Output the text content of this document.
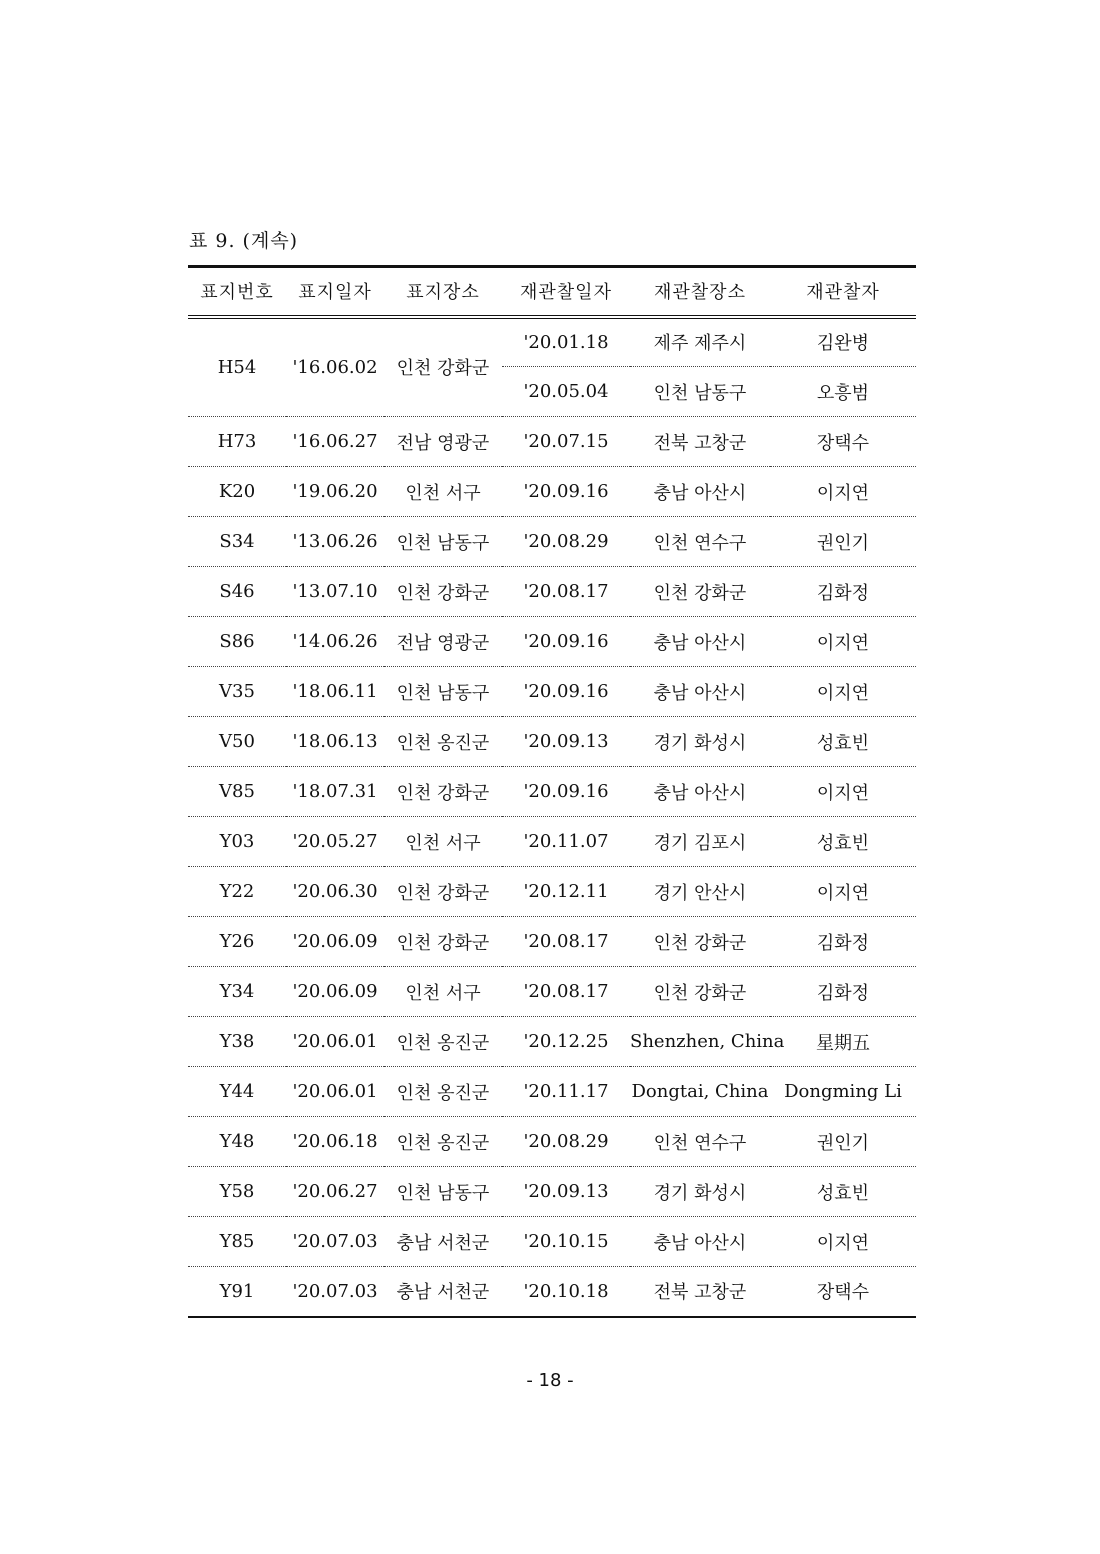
표 9. (계속)
표지번호	표지일자	표지장소	재관찰일자	재관찰장소	재관찰자
H54	'16.06.02	인천 강화군	'20.01.18	제주 제주시	김완병
			'20.05.04	인천 남동구	오흥범
H73	'16.06.27	전남 영광군	'20.07.15	전북 고창군	장택수
K20	'19.06.20	인천 서구	'20.09.16	충남 아산시	이지연
S34	'13.06.26	인천 남동구	'20.08.29	인천 연수구	권인기
S46	'13.07.10	인천 강화군	'20.08.17	인천 강화군	김화정
S86	'14.06.26	전남 영광군	'20.09.16	충남 아산시	이지연
V35	'18.06.11	인천 남동구	'20.09.16	충남 아산시	이지연
V50	'18.06.13	인천 옹진군	'20.09.13	경기 화성시	성효빈
V85	'18.07.31	인천 강화군	'20.09.16	충남 아산시	이지연
Y03	'20.05.27	인천 서구	'20.11.07	경기 김포시	성효빈
Y22	'20.06.30	인천 강화군	'20.12.11	경기 안산시	이지연
Y26	'20.06.09	인천 강화군	'20.08.17	인천 강화군	김화정
Y34	'20.06.09	인천 서구	'20.08.17	인천 강화군	김화정
Y38	'20.06.01	인천 옹진군	'20.12.25	Shenzhen, China	星期五
Y44	'20.06.01	인천 옹진군	'20.11.17	Dongtai, China	Dongming Li
Y48	'20.06.18	인천 옹진군	'20.08.29	인천 연수구	권인기
Y58	'20.06.27	인천 남동구	'20.09.13	경기 화성시	성효빈
Y85	'20.07.03	충남 서천군	'20.10.15	충남 아산시	이지연
Y91	'20.07.03	충남 서천군	'20.10.18	전북 고창군	장택수
- 18 -
